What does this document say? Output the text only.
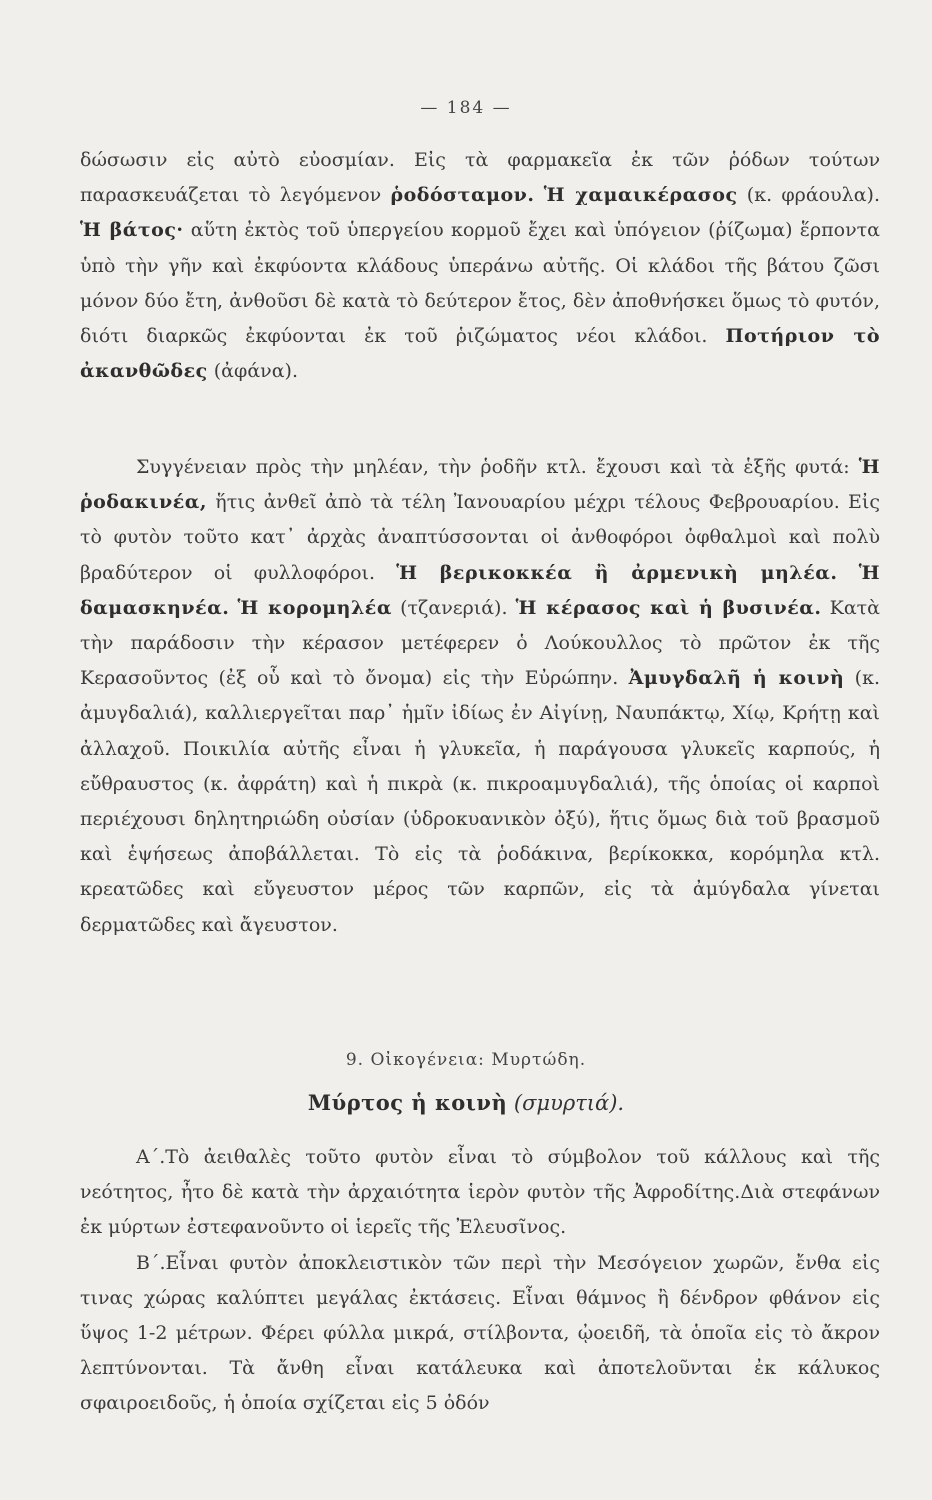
— 184 —

δώσωσιν εἰς αὐτὸ εὐοσμίαν. Εἰς τὰ φαρμακεῖα ἐκ τῶν ῥόδων τούτων παρασκευάζεται τὸ λεγόμενον ῥοδόσταμον. Ἡ χαμαικέρασος (κ. φράουλα). Ἡ βάτος· αὕτη ἐκτὸς τοῦ ὑπεργείου κορμοῦ ἔχει καὶ ὑπόγειον (ῥίζωμα) ἕρποντα ὑπὸ τὴν γῆν καὶ ἐκφύοντα κλάδους ὑπεράνω αὐτῆς. Οἱ κλάδοι τῆς βάτου ζῶσι μόνον δύο ἔτη, ἀνθοῦσι δὲ κατὰ τὸ δεύτερον ἔτος, δὲν ἀποθνήσκει ὅμως τὸ φυτόν, διότι διαρκῶς ἐκφύονται ἐκ τοῦ ῥιζώματος νέοι κλάδοι. Ποτήριον τὸ ἀκανθῶδες (ἀφάνα).

Συγγένειαν πρὸς τὴν μηλέαν, τὴν ῥοδῆν κτλ. ἔχουσι καὶ τὰ ἑξῆς φυτά: Ἡ ῥοδακινέα, ἥτις ἀνθεῖ ἀπὸ τὰ τέλη Ἰανουαρίου μέχρι τέλους Φεβρουαρίου. Εἰς τὸ φυτὸν τοῦτο κατ᾽ ἀρχὰς ἀναπτύσσονται οἱ ἀνθοφόροι ὀφθαλμοὶ καὶ πολὺ βραδύτερον οἱ φυλλοφόροι. Ἡ βερικοκκέα ἢ ἀρμενικὴ μηλέα. Ἡ δαμασκηνέα. Ἡ κορομηλέα (τζανεριά). Ἡ κέρασος καὶ ἡ βυσινέα. Κατὰ τὴν παράδοσιν τὴν κέρασον μετέφερεν ὁ Λούκουλλος τὸ πρῶτον ἐκ τῆς Κερασοῦντος (ἐξ οὗ καὶ τὸ ὄνομα) εἰς τὴν Εὐρώπην. Ἀμυγδαλῆ ἡ κοινὴ (κ. ἀμυγδαλιά), καλλιεργεῖται παρ᾽ ἡμῖν ἰδίως ἐν Αἰγίνῃ, Ναυπάκτῳ, Χίῳ, Κρήτῃ καὶ ἀλλαχοῦ. Ποικιλία αὐτῆς εἶναι ἡ γλυκεῖα, ἡ παράγουσα γλυκεῖς καρπούς, ἡ εὔθραυστος (κ. ἀφράτη) καὶ ἡ πικρὰ (κ. πικροαμυγδαλιά), τῆς ὁποίας οἱ καρποὶ περιέχουσι δηλητηριώδη οὐσίαν (ὑδροκυανικὸν ὀξύ), ἥτις ὅμως διὰ τοῦ βρασμοῦ καὶ ἑψήσεως ἀποβάλλεται. Τὸ εἰς τὰ ῥοδάκινα, βερίκοκκα, κορόμηλα κτλ. κρεατῶδες καὶ εὔγευστον μέρος τῶν καρπῶν, εἰς τὰ ἀμύγδαλα γίνεται δερματῶδες καὶ ἄγευστον.

9. Οἰκογένεια: Μυρτώδη.
Μύρτος ἡ κοινὴ (σμυρτιά).

Α΄.Τὸ ἀειθαλὲς τοῦτο φυτὸν εἶναι τὸ σύμβολον τοῦ κάλλους καὶ τῆς νεότητος, ἦτο δὲ κατὰ τὴν ἀρχαιότητα ἱερὸν φυτὸν τῆς Ἀφροδίτης.Διὰ στεφάνων ἐκ μύρτων ἐστεφανοῦντο οἱ ἱερεῖς τῆς Ἐλευσῖνος.

Β΄.Εἶναι φυτὸν ἀποκλειστικὸν τῶν περὶ τὴν Μεσόγειον χωρῶν, ἔνθα εἰς τινας χώρας καλύπτει μεγάλας ἐκτάσεις. Εἶναι θάμνος ἢ δένδρον φθάνον εἰς ὕψος 1-2 μέτρων. Φέρει φύλλα μικρά, στίλβοντα, ᾠοειδῆ, τὰ ὁποῖα εἰς τὸ ἄκρον λεπτύνονται. Τὰ ἄνθη εἶναι κατάλευκα καὶ ἀποτελοῦνται ἐκ κάλυκος σφαιροειδοῦς, ἡ ὁποία σχίζεται εἰς 5 ὀδόν
